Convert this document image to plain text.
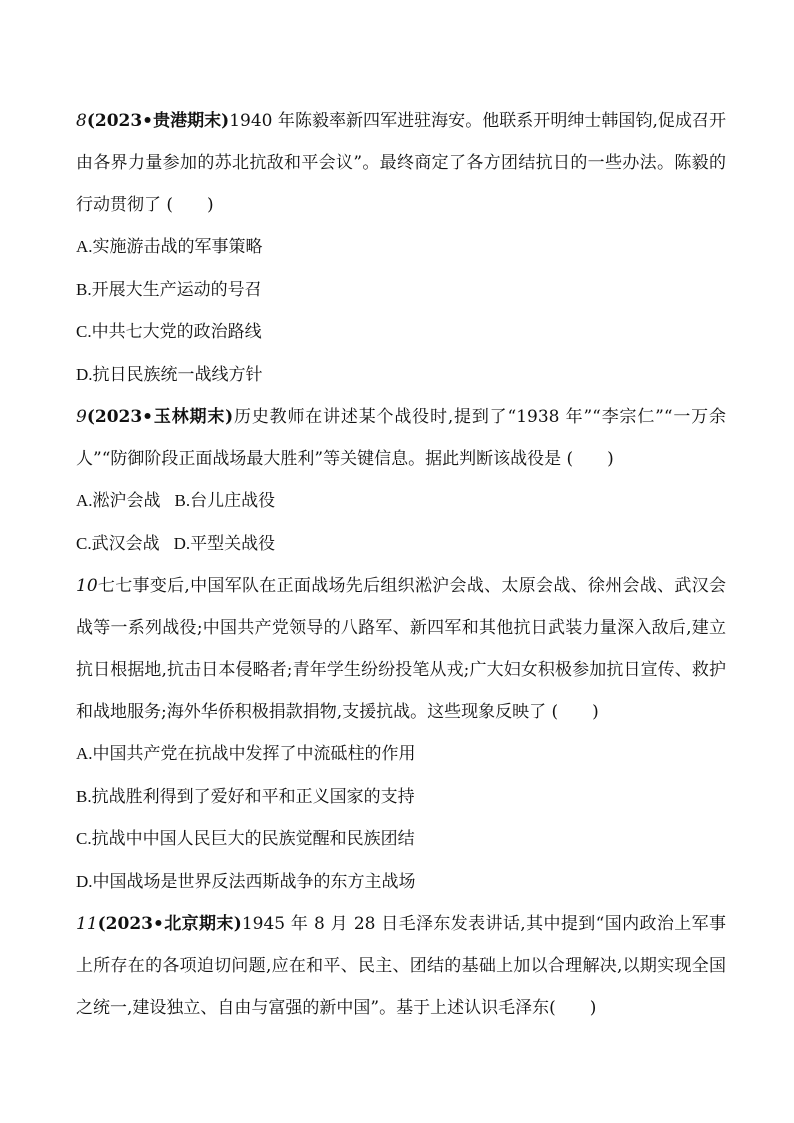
8(2023•贵港期末)1940 年陈毅率新四军进驻海安。他联系开明绅士韩国钧,促成召开由各界力量参加的苏北抗敌和平会议”。最终商定了各方团结抗日的一些办法。陈毅的行动贯彻了 (　　)

A.实施游击战的军事策略

B.开展大生产运动的号召

C.中共七大党的政治路线

D.抗日民族统一战线方针

9(2023•玉林期末)历史教师在讲述某个战役时,提到了“1938 年”“李宗仁”“一万余人”“防御阶段正面战场最大胜利”等关键信息。据此判断该战役是 (　　)

A.淞沪会战 B.台儿庄战役

C.武汉会战 D.平型关战役

10七七事变后,中国军队在正面战场先后组织淞沪会战、太原会战、徐州会战、武汉会战等一系列战役;中国共产党领导的八路军、新四军和其他抗日武装力量深入敌后,建立抗日根据地,抗击日本侵略者;青年学生纷纷投笔从戎;广大妇女积极参加抗日宣传、救护和战地服务;海外华侨积极捐款捐物,支援抗战。这些现象反映了 (　　)

A.中国共产党在抗战中发挥了中流砥柱的作用

B.抗战胜利得到了爱好和平和正义国家的支持

C.抗战中中国人民巨大的民族觉醒和民族团结

D.中国战场是世界反法西斯战争的东方主战场

11(2023•北京期末)1945 年 8 月 28 日毛泽东发表讲话,其中提到“国内政治上军事上所存在的各项迫切问题,应在和平、民主、团结的基础上加以合理解决,以期实现全国之统一,建设独立、自由与富强的新中国”。基于上述认识毛泽东(　　)
